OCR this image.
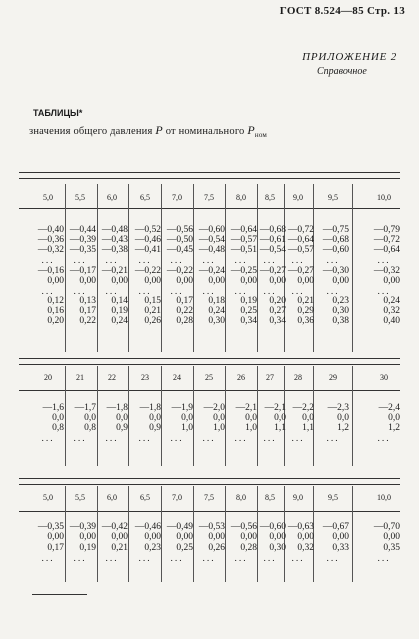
ГОСТ 8.524—85 Стр. 13
ПРИЛОЖЕНИЕ 2
Справочное
ТАБЛИЦЫ*
значения общего давления P от номинального $P_{ном}$
5,0	5,5	6,0	6,5	7,0	7,5	8,0	8,5	9,0	9,5	10,0
—0,40 —0,44 —0,48 —0,52 —0,56 —0,60 —0,64 —0,68 —0,72 —0,75	—0,79
—0,36 —0,39 —0,43 —0,46 —0,50 —0,54 —0,57 —0,61 —0,64 —0,68	—0,72
—0,32 —0,35 —0,38 —0,41 —0,45 —0,48 —0,51 —0,54 —0,57 —0,60	—0,64
...	...	...	...	...	...	...	...	...	...	...
—0,16 —0,17 —0,21 —0,22 —0,22 —0,24 —0,25 —0,27 —0,27 —0,30	—0,32
0,00	0,00	0,00	0,00	0,00	0,00	0,00	0,00	0,00	0,00	0,00
...	...	...	...	...	...	...	...	...	...	...
0,12	0,13	0,14	0,15	0,17	0,18	0,19	0,20	0,21	0,23	0,24
0,16	0,17	0,19	0,21	0,22	0,24	0,25	0,27	0,29	0,30	0,32
0,20	0,22	0,24	0,26	0,28	0,30	0,34	0,34	0,36	0,38	0,40
20	21	22	23	24	25	26	27	28	29	30
—1,6	—1,7	—1,8	—1,8	—1,9	—2,0	—2,1 —2,1 —2,2	—2,3	—2,4
0,0	0,0	0,0	0,0	0,0	0,0	0,0	0,0	0,0	0,0	0,0
0,8	0,8	0,9	0,9	1,0	1,0	1,0	1,1	1,1	1,2	1,2
...	...	...	...	...	...	...	...	...	...	...
5,0	5,5	6,0	6,5	7,0	7,5	8,0	8,5	9,0	9,5	10,0
—0,35 —0,39 —0,42 —0,46 —0,49 —0,53 —0,56 —0,60 —0,63 —0,67	—0,70
0,00	0,00	0,00	0,00	0,00	0,00	0,00	0,00	0,00	0,00	0,00
0,17	0,19	0,21	0,23	0,25	0,26	0,28	0,30	0,32	0,33	0,35
...	...	...	...	...	...	...	...	...	...	...
